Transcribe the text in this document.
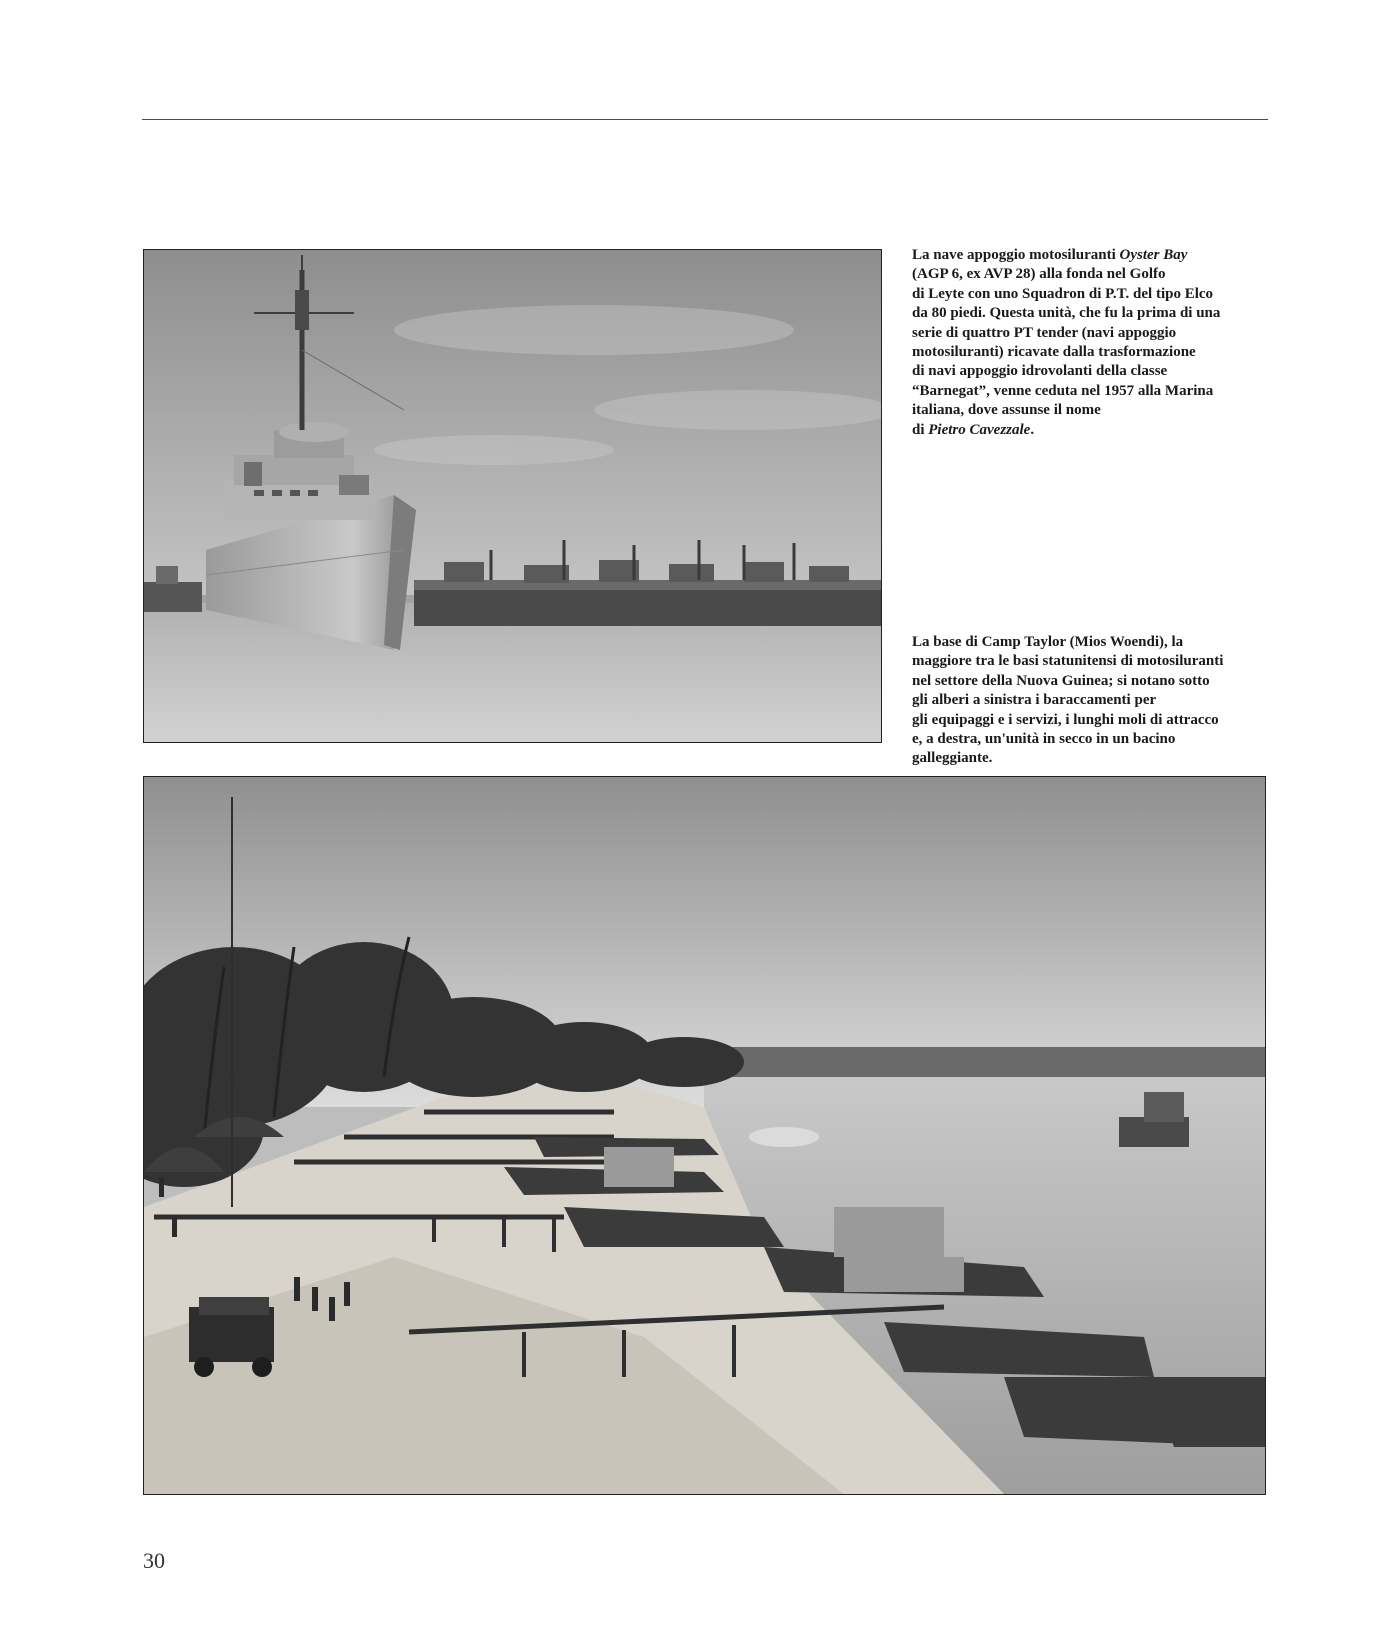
La nave appoggio motosiluranti Oyster Bay
(AGP 6, ex AVP 28) alla fonda nel Golfo
di Leyte con uno Squadron di P.T. del tipo Elco
da 80 piedi. Questa unità, che fu la prima di una
serie di quattro PT tender (navi appoggio
motosiluranti) ricavate dalla trasformazione
di navi appoggio idrovolanti della classe
“Barnegat”, venne ceduta nel 1957 alla Marina
italiana, dove assunse il nome
di Pietro Cavezzale.
La base di Camp Taylor (Mios Woendi), la
maggiore tra le basi statunitensi di motosiluranti
nel settore della Nuova Guinea; si notano sotto
gli alberi a sinistra i baraccamenti per
gli equipaggi e i servizi, i lunghi moli di attracco
e, a destra, un'unità in secco in un bacino
galleggiante.
30
